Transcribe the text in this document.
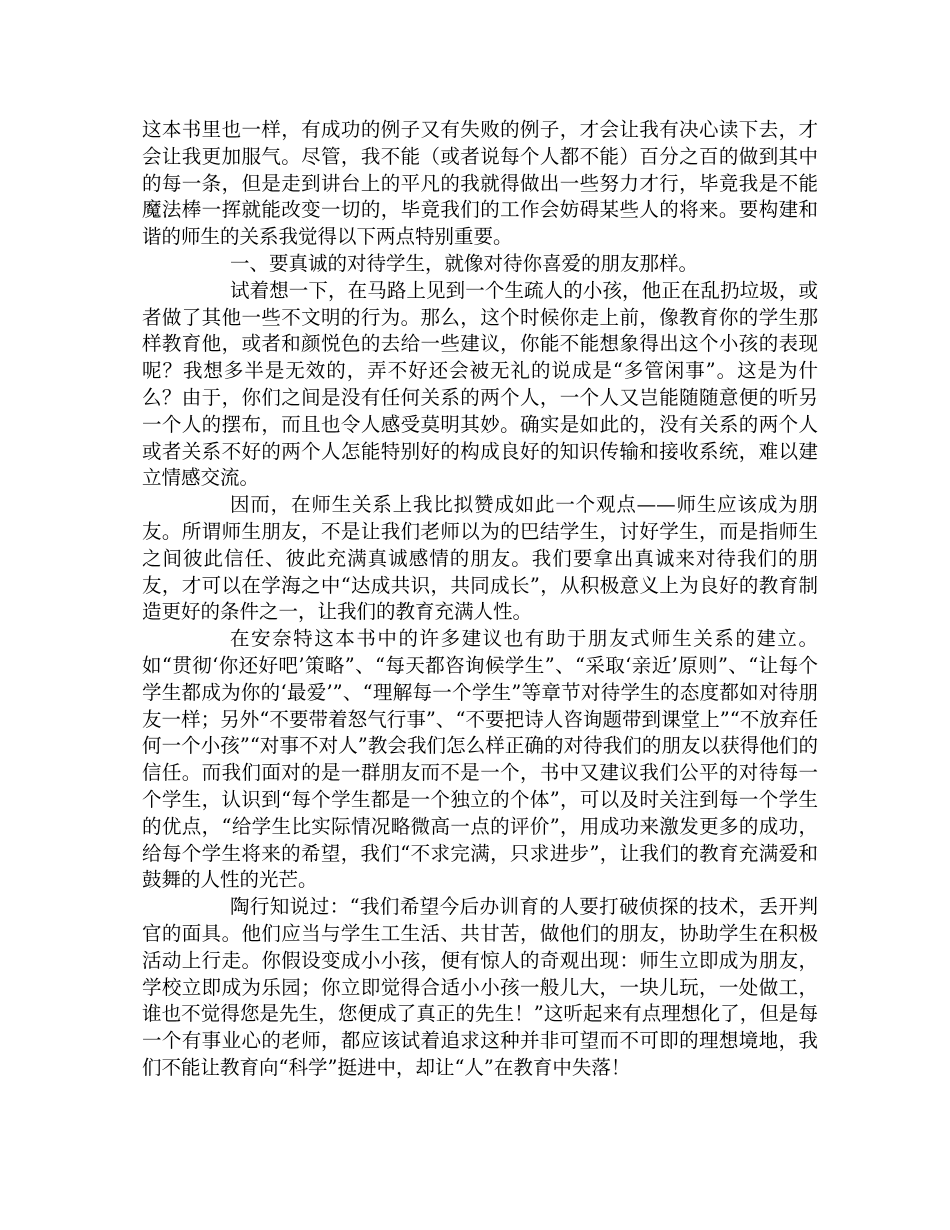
这本书里也一样，有成功的例子又有失败的例子，才会让我有决心读下去，才会让我更加服气。尽管，我不能（或者说每个人都不能）百分之百的做到其中的每一条，但是走到讲台上的平凡的我就得做出一些努力才行，毕竟我是不能魔法棒一挥就能改变一切的，毕竟我们的工作会妨碍某些人的将来。要构建和谐的师生的关系我觉得以下两点特别重要。

一、要真诚的对待学生，就像对待你喜爱的朋友那样。

试着想一下，在马路上见到一个生疏人的小孩，他正在乱扔垃圾，或者做了其他一些不文明的行为。那么，这个时候你走上前，像教育你的学生那样教育他，或者和颜悦色的去给一些建议，你能不能想象得出这个小孩的表现呢？我想多半是无效的，弄不好还会被无礼的说成是“多管闲事”。这是为什么？由于，你们之间是没有任何关系的两个人，一个人又岂能随随意便的听另一个人的摆布，而且也令人感受莫明其妙。确实是如此的，没有关系的两个人或者关系不好的两个人怎能特别好的构成良好的知识传输和接收系统，难以建立情感交流。

因而，在师生关系上我比拟赞成如此一个观点——师生应该成为朋友。所谓师生朋友，不是让我们老师以为的巴结学生，讨好学生，而是指师生之间彼此信任、彼此充满真诚感情的朋友。我们要拿出真诚来对待我们的朋友，才可以在学海之中“达成共识，共同成长”，从积极意义上为良好的教育制造更好的条件之一，让我们的教育充满人性。

在安奈特这本书中的许多建议也有助于朋友式师生关系的建立。如“贯彻‘你还好吧’策略”、“每天都咨询候学生”、“采取‘亲近’原则”、“让每个学生都成为你的‘最爱’”、“理解每一个学生”等章节对待学生的态度都如对待朋友一样；另外“不要带着怒气行事”、“不要把诗人咨询题带到课堂上”“不放弃任何一个小孩”“对事不对人”教会我们怎么样正确的对待我们的朋友以获得他们的信任。而我们面对的是一群朋友而不是一个，书中又建议我们公平的对待每一个学生，认识到“每个学生都是一个独立的个体”，可以及时关注到每一个学生的优点，“给学生比实际情况略微高一点的评价”，用成功来激发更多的成功，给每个学生将来的希望，我们“不求完满，只求进步”，让我们的教育充满爱和鼓舞的人性的光芒。

陶行知说过：“我们希望今后办训育的人要打破侦探的技术，丢开判官的面具。他们应当与学生工生活、共甘苦，做他们的朋友，协助学生在积极活动上行走。你假设变成小小孩，便有惊人的奇观出现：师生立即成为朋友，学校立即成为乐园；你立即觉得合适小小孩一般儿大，一块儿玩，一处做工，谁也不觉得您是先生，您便成了真正的先生！”这听起来有点理想化了，但是每一个有事业心的老师，都应该试着追求这种并非可望而不可即的理想境地，我们不能让教育向“科学”挺进中，却让“人”在教育中失落！
